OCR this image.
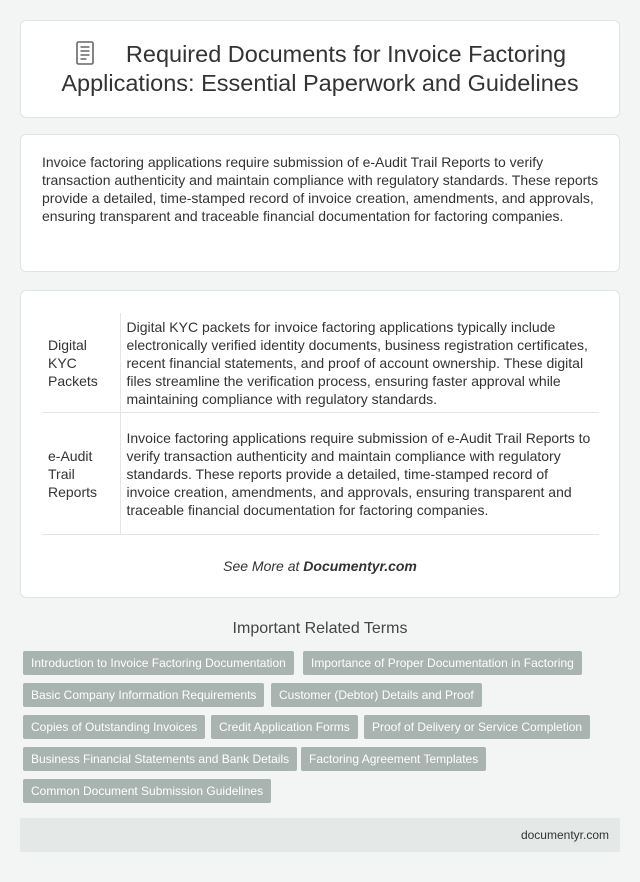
Required Documents for Invoice Factoring Applications: Essential Paperwork and Guidelines

Invoice factoring applications require submission of e-Audit Trail Reports to verify transaction authenticity and maintain compliance with regulatory standards. These reports provide a detailed, time-stamped record of invoice creation, amendments, and approvals, ensuring transparent and traceable financial documentation for factoring companies.

Digital KYC Packets	Digital KYC packets for invoice factoring applications typically include electronically verified identity documents, business registration certificates, recent financial statements, and proof of account ownership. These digital files streamline the verification process, ensuring faster approval while maintaining compliance with regulatory standards.
e-Audit Trail Reports	Invoice factoring applications require submission of e-Audit Trail Reports to verify transaction authenticity and maintain compliance with regulatory standards. These reports provide a detailed, time-stamped record of invoice creation, amendments, and approvals, ensuring transparent and traceable financial documentation for factoring companies.
See More at Documentyr.com
Important Related Terms
Introduction to Invoice Factoring Documentation	Importance of Proper Documentation in Factoring
Basic Company Information Requirements	Customer (Debtor) Details and Proof
Copies of Outstanding Invoices	Credit Application Forms	Proof of Delivery or Service Completion
Business Financial Statements and Bank Details	Factoring Agreement Templates
Common Document Submission Guidelines
documentyr.com
